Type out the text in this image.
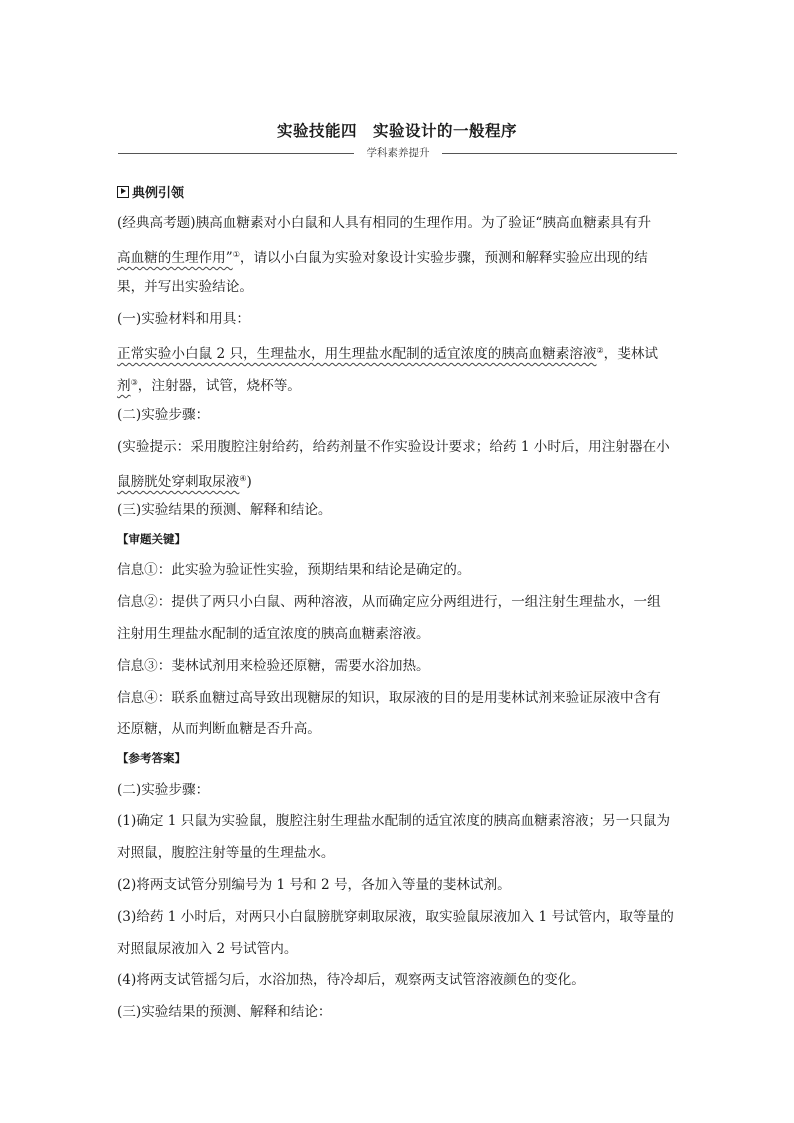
实验技能四　实验设计的一般程序
学科素养提升
典例引领
(经典高考题)胰高血糖素对小白鼠和人具有相同的生理作用。为了验证“胰高血糖素具有升
高血糖的生理作用”①，请以小白鼠为实验对象设计实验步骤，预测和解释实验应出现的结
果，并写出实验结论。
(一)实验材料和用具：
正常实验小白鼠 2 只，生理盐水，用生理盐水配制的适宜浓度的胰高血糖素溶液②，斐林试
剂③，注射器，试管，烧杯等。
(二)实验步骤：
(实验提示：采用腹腔注射给药，给药剂量不作实验设计要求；给药 1 小时后，用注射器在小
鼠膀胱处穿刺取尿液④)
(三)实验结果的预测、解释和结论。
【审题关键】
信息①：此实验为验证性实验，预期结果和结论是确定的。
信息②：提供了两只小白鼠、两种溶液，从而确定应分两组进行，一组注射生理盐水，一组
注射用生理盐水配制的适宜浓度的胰高血糖素溶液。
信息③：斐林试剂用来检验还原糖，需要水浴加热。
信息④：联系血糖过高导致出现糖尿的知识，取尿液的目的是用斐林试剂来验证尿液中含有
还原糖，从而判断血糖是否升高。
【参考答案】
(二)实验步骤：
(1)确定 1 只鼠为实验鼠，腹腔注射生理盐水配制的适宜浓度的胰高血糖素溶液；另一只鼠为
对照鼠，腹腔注射等量的生理盐水。
(2)将两支试管分别编号为 1 号和 2 号，各加入等量的斐林试剂。
(3)给药 1 小时后，对两只小白鼠膀胱穿刺取尿液，取实验鼠尿液加入 1 号试管内，取等量的
对照鼠尿液加入 2 号试管内。
(4)将两支试管摇匀后，水浴加热，待冷却后，观察两支试管溶液颜色的变化。
(三)实验结果的预测、解释和结论：
